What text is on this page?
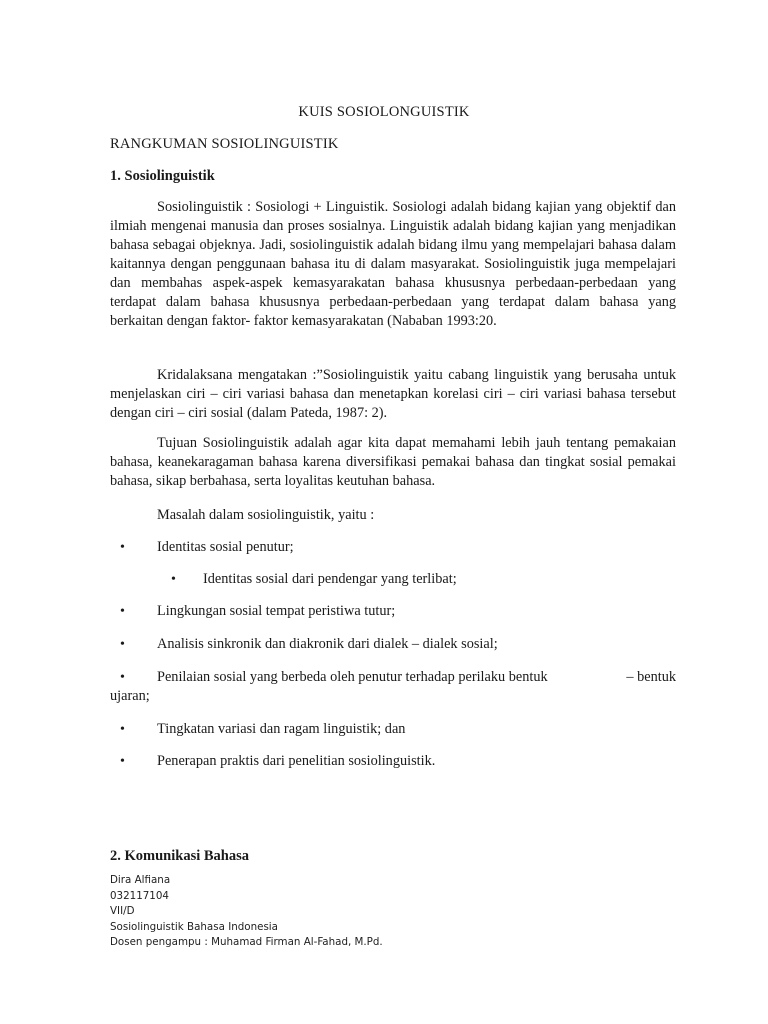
KUIS SOSIOLONGUISTIK
RANGKUMAN SOSIOLINGUISTIK
1. Sosiolinguistik
Sosiolinguistik : Sosiologi + Linguistik. Sosiologi adalah bidang kajian yang objektif dan ilmiah mengenai manusia dan proses sosialnya. Linguistik adalah bidang kajian yang menjadikan bahasa sebagai objeknya. Jadi, sosiolinguistik adalah bidang ilmu yang mempelajari bahasa dalam kaitannya dengan penggunaan bahasa itu di dalam masyarakat. Sosiolinguistik juga mempelajari dan membahas aspek-aspek kemasyarakatan bahasa khususnya perbedaan-perbedaan yang terdapat dalam bahasa khususnya perbedaan-perbedaan yang terdapat dalam bahasa yang berkaitan dengan faktor- faktor kemasyarakatan (Nababan 1993:20.
Kridalaksana mengatakan :”Sosiolinguistik yaitu cabang linguistik yang berusaha untuk menjelaskan ciri – ciri variasi bahasa dan menetapkan korelasi ciri – ciri variasi bahasa tersebut dengan ciri – ciri sosial (dalam Pateda, 1987: 2).
Tujuan Sosiolinguistik adalah agar kita dapat memahami lebih jauh tentang pemakaian bahasa, keanekaragaman bahasa karena diversifikasi pemakai bahasa dan tingkat sosial pemakai bahasa, sikap berbahasa, serta loyalitas keutuhan bahasa.
Masalah dalam sosiolinguistik, yaitu :
•	Identitas sosial penutur;
•	Identitas sosial dari pendengar yang terlibat;
•	Lingkungan sosial tempat peristiwa tutur;
•	Analisis sinkronik dan diakronik dari dialek – dialek sosial;
•	Penilaian sosial yang berbeda oleh penutur terhadap perilaku bentuk	– bentuk
ujaran;
•	Tingkatan variasi dan ragam linguistik; dan
•	Penerapan praktis dari penelitian sosiolinguistik.
2. Komunikasi Bahasa
Dira Alfiana
032117104
VII/D
Sosiolinguistik Bahasa Indonesia
Dosen pengampu : Muhamad Firman Al-Fahad, M.Pd.
